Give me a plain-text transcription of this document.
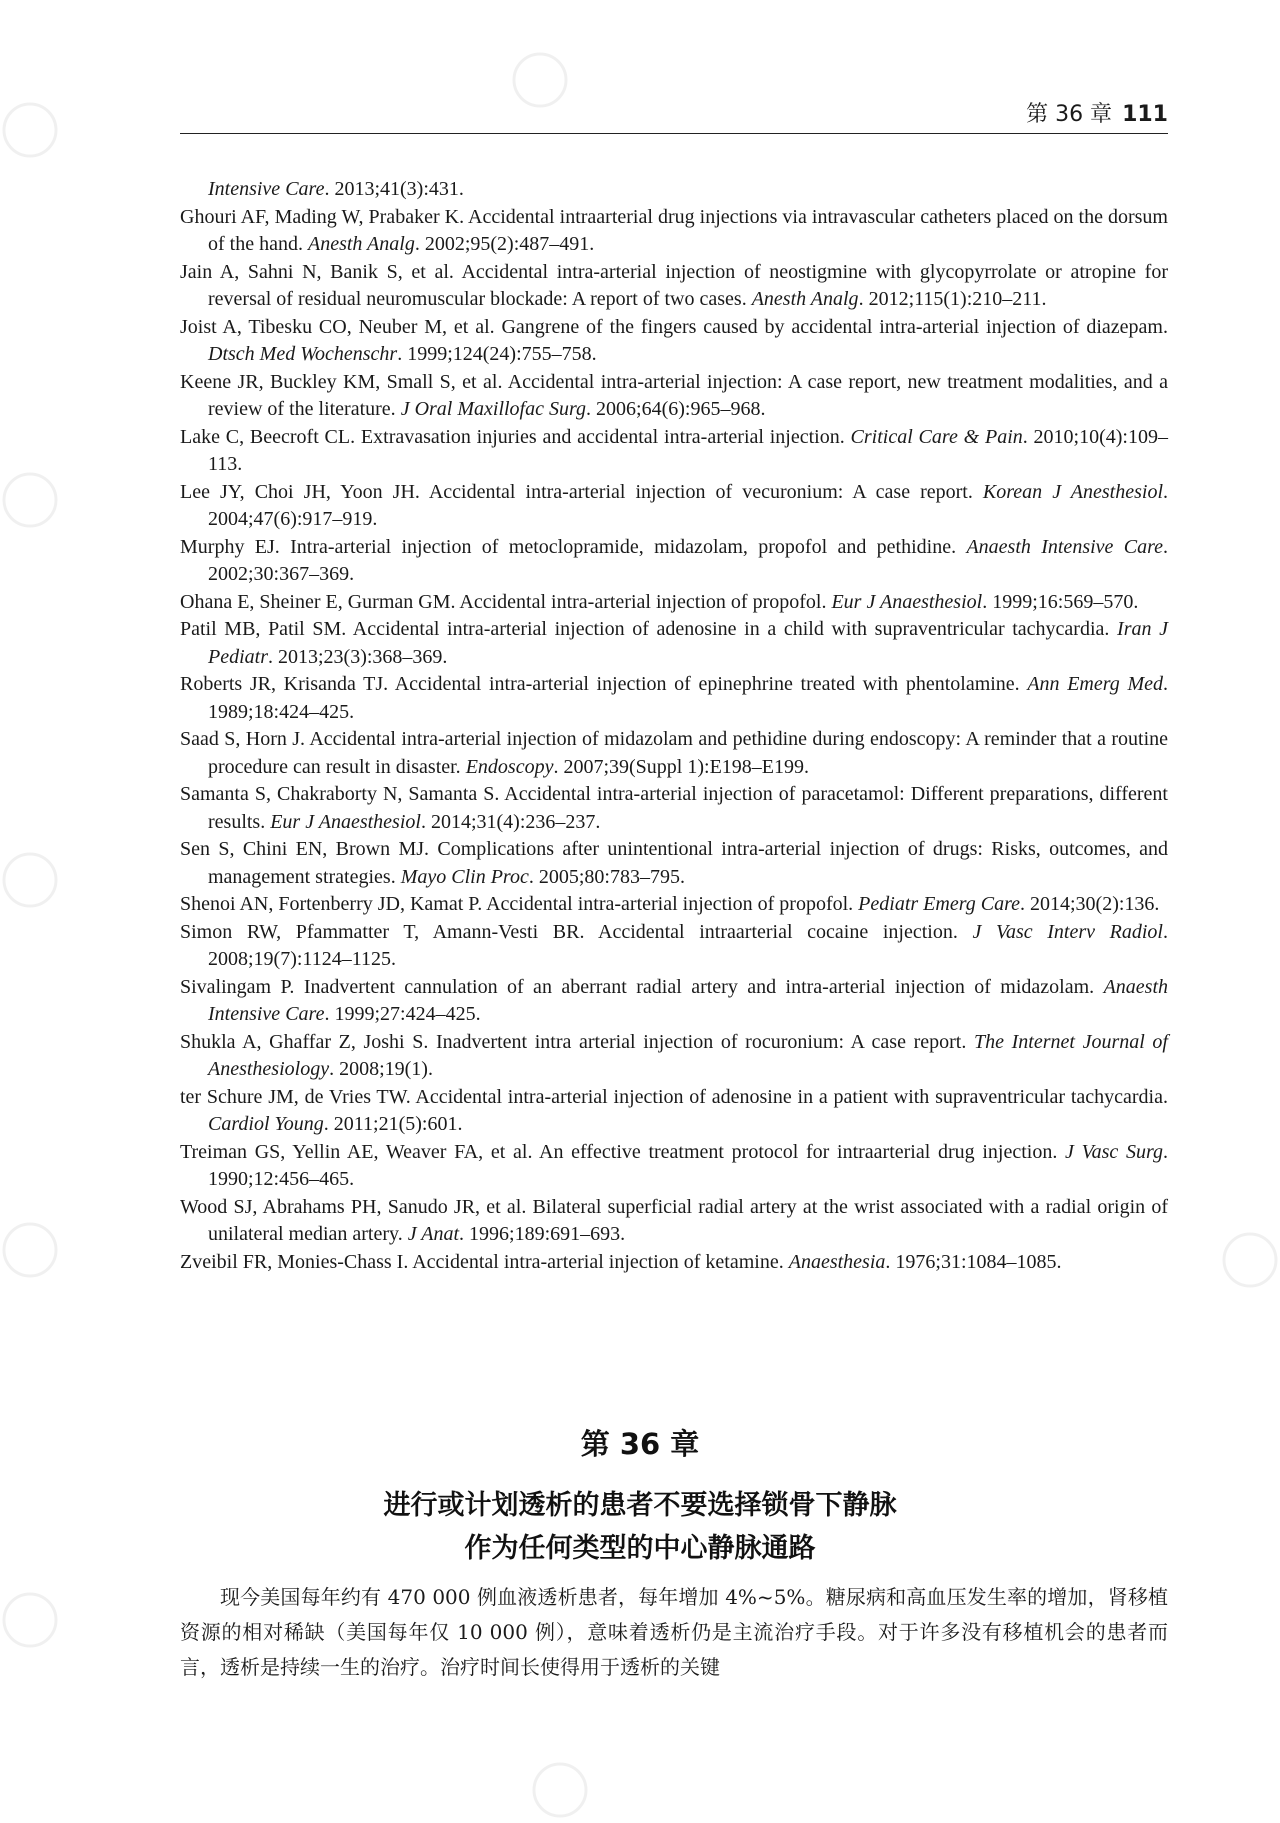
第 36 章 111
Intensive Care. 2013;41(3):431.
Ghouri AF, Mading W, Prabaker K. Accidental intraarterial drug injections via intravascular catheters placed on the dorsum of the hand. Anesth Analg. 2002;95(2):487–491.
Jain A, Sahni N, Banik S, et al. Accidental intra-arterial injection of neostigmine with glycopyrrolate or atropine for reversal of residual neuromuscular blockade: A report of two cases. Anesth Analg. 2012;115(1):210–211.
Joist A, Tibesku CO, Neuber M, et al. Gangrene of the fingers caused by accidental intra-arterial injection of diazepam. Dtsch Med Wochenschr. 1999;124(24):755–758.
Keene JR, Buckley KM, Small S, et al. Accidental intra-arterial injection: A case report, new treatment modalities, and a review of the literature. J Oral Maxillofac Surg. 2006;64(6):965–968.
Lake C, Beecroft CL. Extravasation injuries and accidental intra-arterial injection. Critical Care & Pain. 2010;10(4):109–113.
Lee JY, Choi JH, Yoon JH. Accidental intra-arterial injection of vecuronium: A case report. Korean J Anesthesiol. 2004;47(6):917–919.
Murphy EJ. Intra-arterial injection of metoclopramide, midazolam, propofol and pethidine. Anaesth Intensive Care. 2002;30:367–369.
Ohana E, Sheiner E, Gurman GM. Accidental intra-arterial injection of propofol. Eur J Anaesthesiol. 1999;16:569–570.
Patil MB, Patil SM. Accidental intra-arterial injection of adenosine in a child with supraventricular tachycardia. Iran J Pediatr. 2013;23(3):368–369.
Roberts JR, Krisanda TJ. Accidental intra-arterial injection of epinephrine treated with phentolamine. Ann Emerg Med. 1989;18:424–425.
Saad S, Horn J. Accidental intra-arterial injection of midazolam and pethidine during endoscopy: A reminder that a routine procedure can result in disaster. Endoscopy. 2007;39(Suppl 1):E198–E199.
Samanta S, Chakraborty N, Samanta S. Accidental intra-arterial injection of paracetamol: Different preparations, different results. Eur J Anaesthesiol. 2014;31(4):236–237.
Sen S, Chini EN, Brown MJ. Complications after unintentional intra-arterial injection of drugs: Risks, outcomes, and management strategies. Mayo Clin Proc. 2005;80:783–795.
Shenoi AN, Fortenberry JD, Kamat P. Accidental intra-arterial injection of propofol. Pediatr Emerg Care. 2014;30(2):136.
Simon RW, Pfammatter T, Amann-Vesti BR. Accidental intraarterial cocaine injection. J Vasc Interv Radiol. 2008;19(7):1124–1125.
Sivalingam P. Inadvertent cannulation of an aberrant radial artery and intra-arterial injection of midazolam. Anaesth Intensive Care. 1999;27:424–425.
Shukla A, Ghaffar Z, Joshi S. Inadvertent intra arterial injection of rocuronium: A case report. The Internet Journal of Anesthesiology. 2008;19(1).
ter Schure JM, de Vries TW. Accidental intra-arterial injection of adenosine in a patient with supraventricular tachycardia. Cardiol Young. 2011;21(5):601.
Treiman GS, Yellin AE, Weaver FA, et al. An effective treatment protocol for intraarterial drug injection. J Vasc Surg. 1990;12:456–465.
Wood SJ, Abrahams PH, Sanudo JR, et al. Bilateral superficial radial artery at the wrist associated with a radial origin of unilateral median artery. J Anat. 1996;189:691–693.
Zveibil FR, Monies-Chass I. Accidental intra-arterial injection of ketamine. Anaesthesia. 1976;31:1084–1085.
第 36 章
进行或计划透析的患者不要选择锁骨下静脉
作为任何类型的中心静脉通路

现今美国每年约有 470 000 例血液透析患者，每年增加 4%~5%。糖尿病和高血压发生率的增加，肾移植资源的相对稀缺（美国每年仅 10 000 例），意味着透析仍是主流治疗手段。对于许多没有移植机会的患者而言，透析是持续一生的治疗。治疗时间长使得用于透析的关键
